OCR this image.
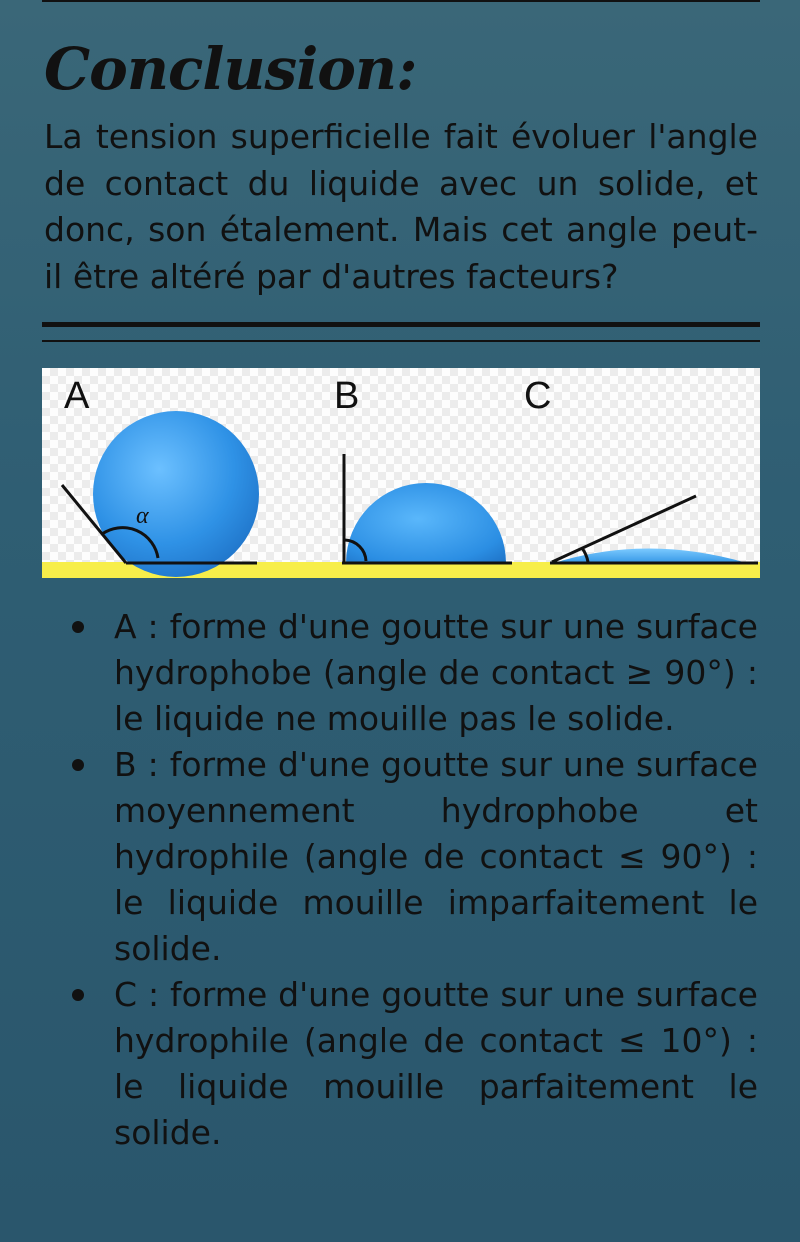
Conclusion:
La tension superficielle fait évoluer l'angle de contact du liquide avec un solide, et donc, son étalement. Mais cet angle peut-il être altéré par d'autres facteurs?
A	B	C
α
A : forme d'une goutte sur une surface hydrophobe (angle de contact ≥ 90°) : le liquide ne mouille pas le solide.
B : forme d'une goutte sur une surface moyennement hydrophobe et hydrophile (angle de contact ≤ 90°) : le liquide mouille imparfaitement le solide.
C : forme d'une goutte sur une surface hydrophile (angle de contact ≤ 10°) : le liquide mouille parfaitement le solide.
